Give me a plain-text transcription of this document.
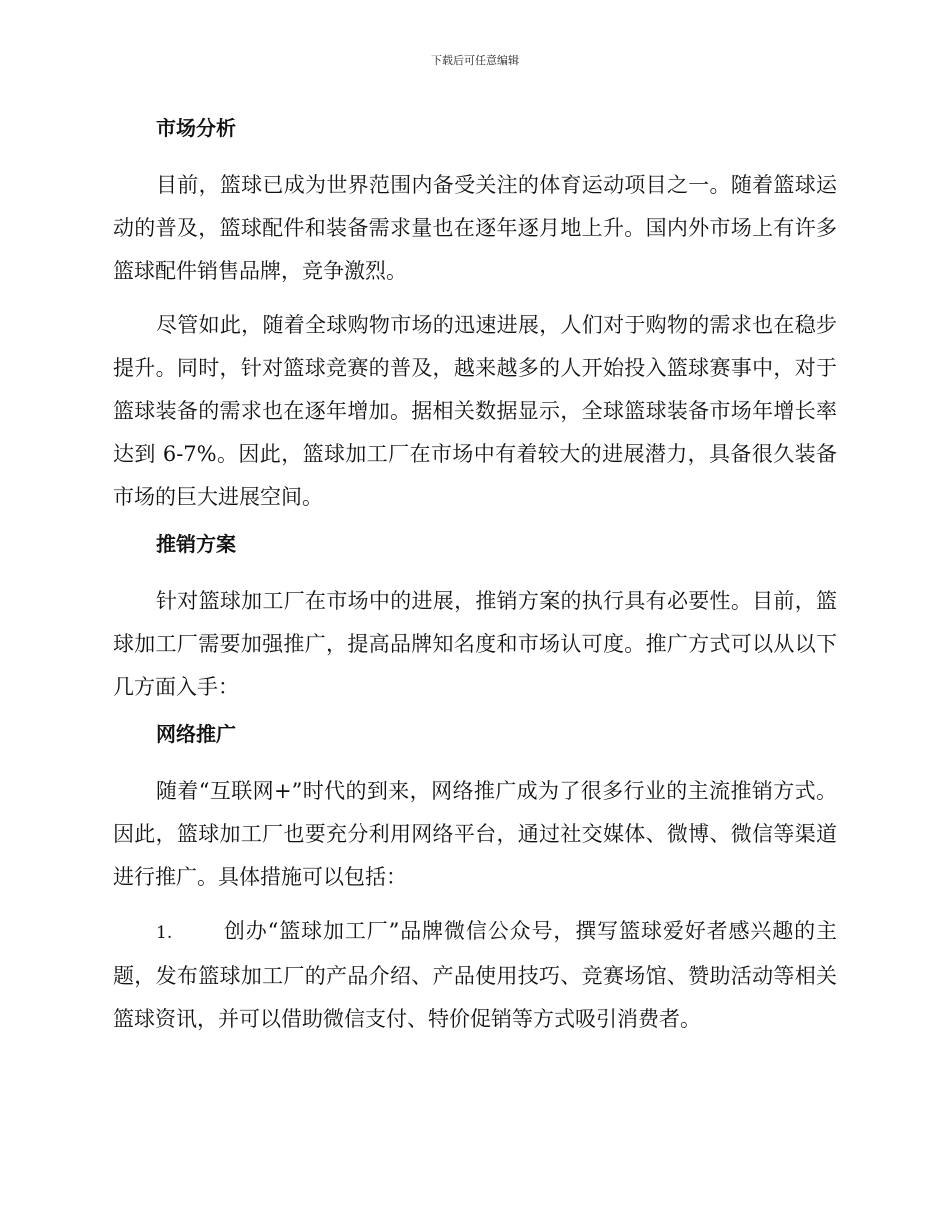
下载后可任意编辑
市场分析

目前，篮球已成为世界范围内备受关注的体育运动项目之一。随着篮球运动的普及，篮球配件和装备需求量也在逐年逐月地上升。国内外市场上有许多篮球配件销售品牌，竞争激烈。

尽管如此，随着全球购物市场的迅速进展，人们对于购物的需求也在稳步提升。同时，针对篮球竞赛的普及，越来越多的人开始投入篮球赛事中，对于篮球装备的需求也在逐年增加。据相关数据显示，全球篮球装备市场年增长率达到 6-7%。因此，篮球加工厂在市场中有着较大的进展潜力，具备很久装备市场的巨大进展空间。

推销方案

针对篮球加工厂在市场中的进展，推销方案的执行具有必要性。目前，篮球加工厂需要加强推广，提高品牌知名度和市场认可度。推广方式可以从以下几方面入手：

网络推广

随着“互联网+”时代的到来，网络推广成为了很多行业的主流推销方式。因此，篮球加工厂也要充分利用网络平台，通过社交媒体、微博、微信等渠道进行推广。具体措施可以包括：

1. 创办“篮球加工厂”品牌微信公众号，撰写篮球爱好者感兴趣的主题，发布篮球加工厂的产品介绍、产品使用技巧、竞赛场馆、赞助活动等相关篮球资讯，并可以借助微信支付、特价促销等方式吸引消费者。
